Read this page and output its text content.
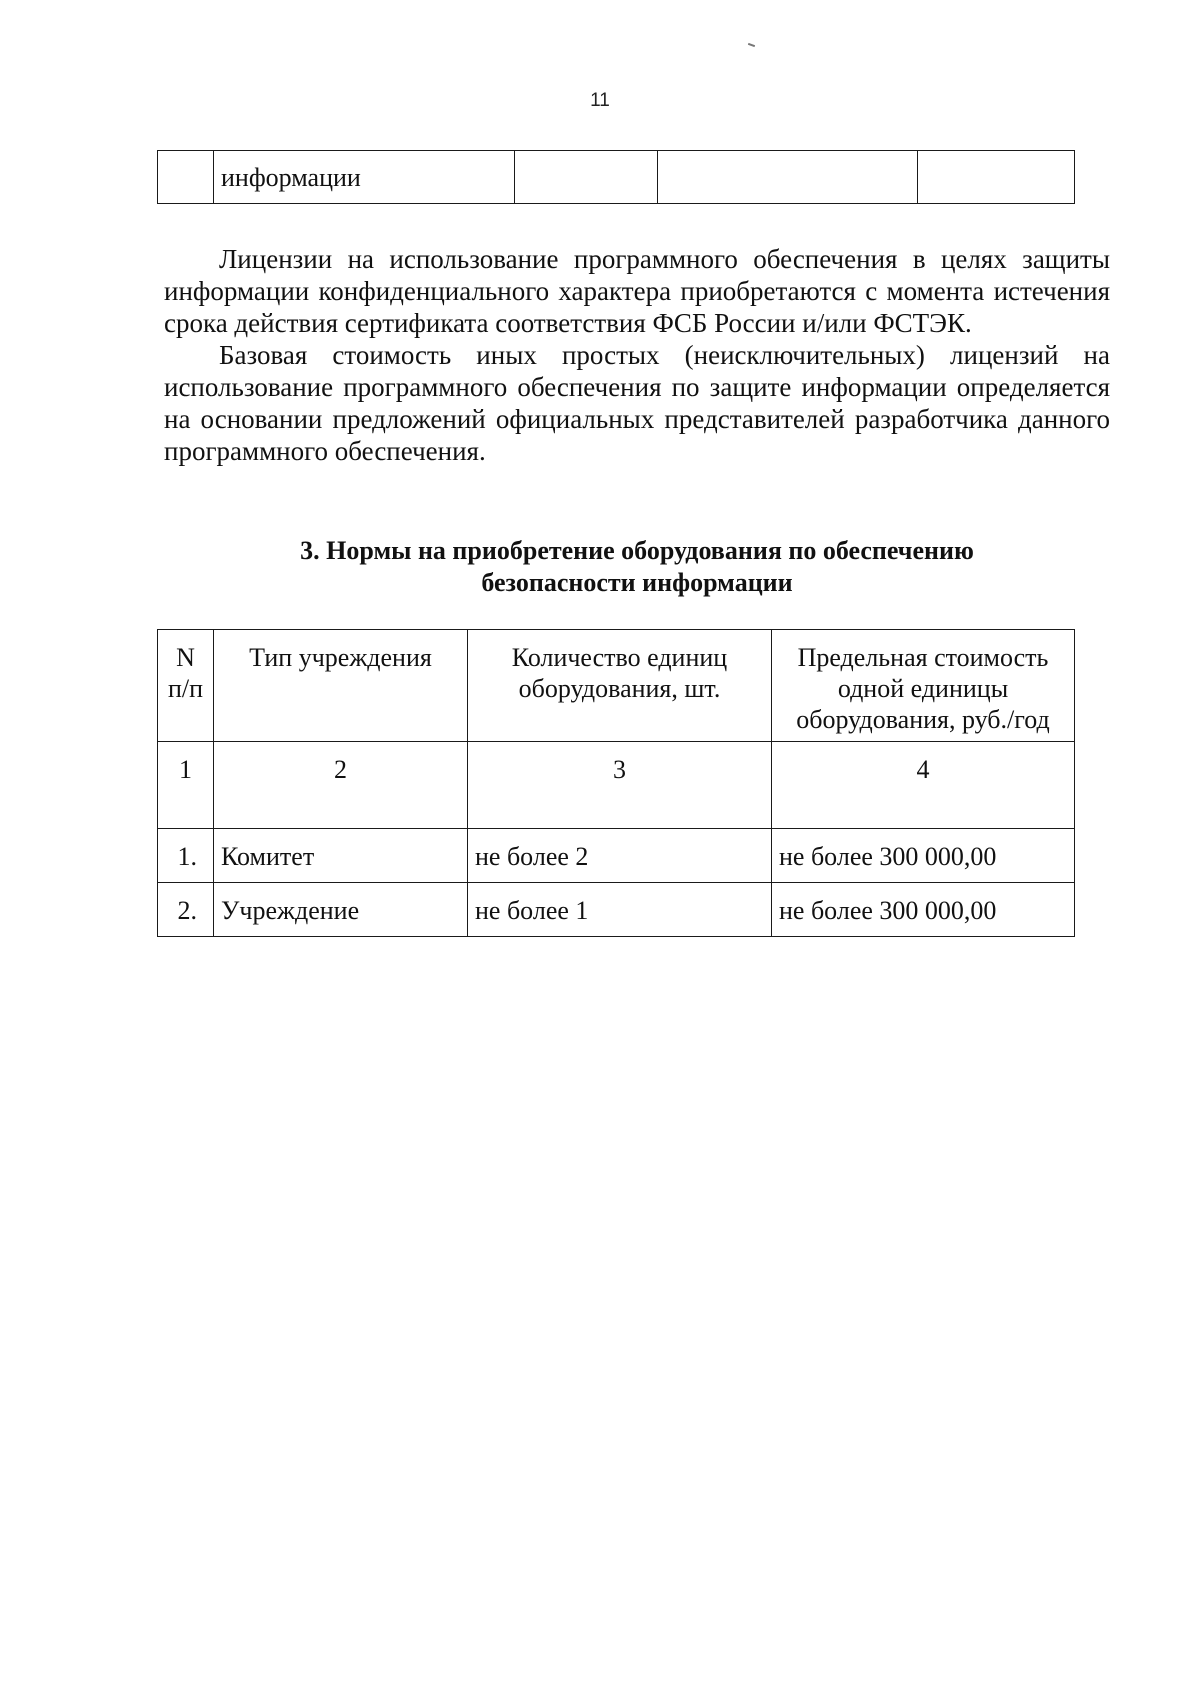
11
	информации			

Лицензии на использование программного обеспечения в целях защиты информации конфиденциального характера приобретаются с момента истечения срока действия сертификата соответствия ФСБ России и/или ФСТЭК.

Базовая стоимость иных простых (неисключительных) лицензий на использование программного обеспечения по защите информации определяется на основании предложений официальных представителей разработчика данного программного обеспечения.

3. Нормы на приобретение оборудования по обеспечению
безопасности информации
N п/п	Тип учреждения	Количество единиц оборудования, шт.	Предельная стоимость одной единицы оборудования, руб./год
1	2	3	4
1.	Комитет	не более 2	не более 300 000,00
2.	Учреждение	не более 1	не более 300 000,00
